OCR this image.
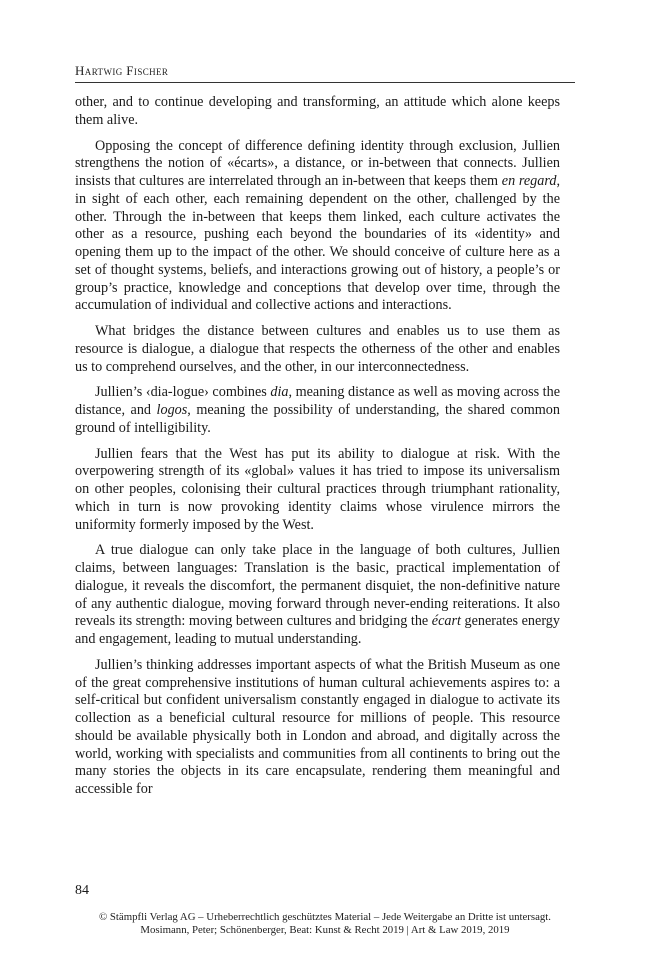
Hartwig Fischer

other, and to continue developing and transforming, an attitude which alone keeps them alive.

Opposing the concept of difference defining identity through exclusion, Jullien strengthens the notion of «écarts», a distance, or in-between that connects. Jullien insists that cultures are interrelated through an in-between that keeps them en regard, in sight of each other, each remaining dependent on the other, challenged by the other. Through the in-between that keeps them linked, each culture activates the other as a resource, pushing each beyond the boundaries of its «identity» and opening them up to the impact of the other. We should conceive of culture here as a set of thought systems, beliefs, and interactions growing out of history, a people’s or group’s practice, knowledge and conceptions that develop over time, through the accumulation of individual and collective actions and interactions.

What bridges the distance between cultures and enables us to use them as resource is dialogue, a dialogue that respects the otherness of the other and enables us to comprehend ourselves, and the other, in our interconnectedness.

Jullien’s ‹dia-logue› combines dia, meaning distance as well as moving across the distance, and logos, meaning the possibility of understanding, the shared common ground of intelligibility.

Jullien fears that the West has put its ability to dialogue at risk. With the overpowering strength of its «global» values it has tried to impose its universalism on other peoples, colonising their cultural practices through triumphant rationality, which in turn is now provoking identity claims whose virulence mirrors the uniformity formerly imposed by the West.

A true dialogue can only take place in the language of both cultures, Jullien claims, between languages: Translation is the basic, practical implementation of dialogue, it reveals the discomfort, the permanent disquiet, the non-definitive nature of any authentic dialogue, moving forward through never-ending reiterations. It also reveals its strength: moving between cultures and bridging the écart generates energy and engagement, leading to mutual understanding.

Jullien’s thinking addresses important aspects of what the British Museum as one of the great comprehensive institutions of human cultural achievements aspires to: a self-critical but confident universalism constantly engaged in dialogue to activate its collection as a beneficial cultural resource for millions of people. This resource should be available physically both in London and abroad, and digitally across the world, working with specialists and communities from all continents to bring out the many stories the objects in its care encapsulate, rendering them meaningful and accessible for

84
© Stämpfli Verlag AG – Urheberrechtlich geschütztes Material – Jede Weitergabe an Dritte ist untersagt.
Mosimann, Peter; Schönenberger, Beat: Kunst & Recht 2019 | Art & Law 2019, 2019
